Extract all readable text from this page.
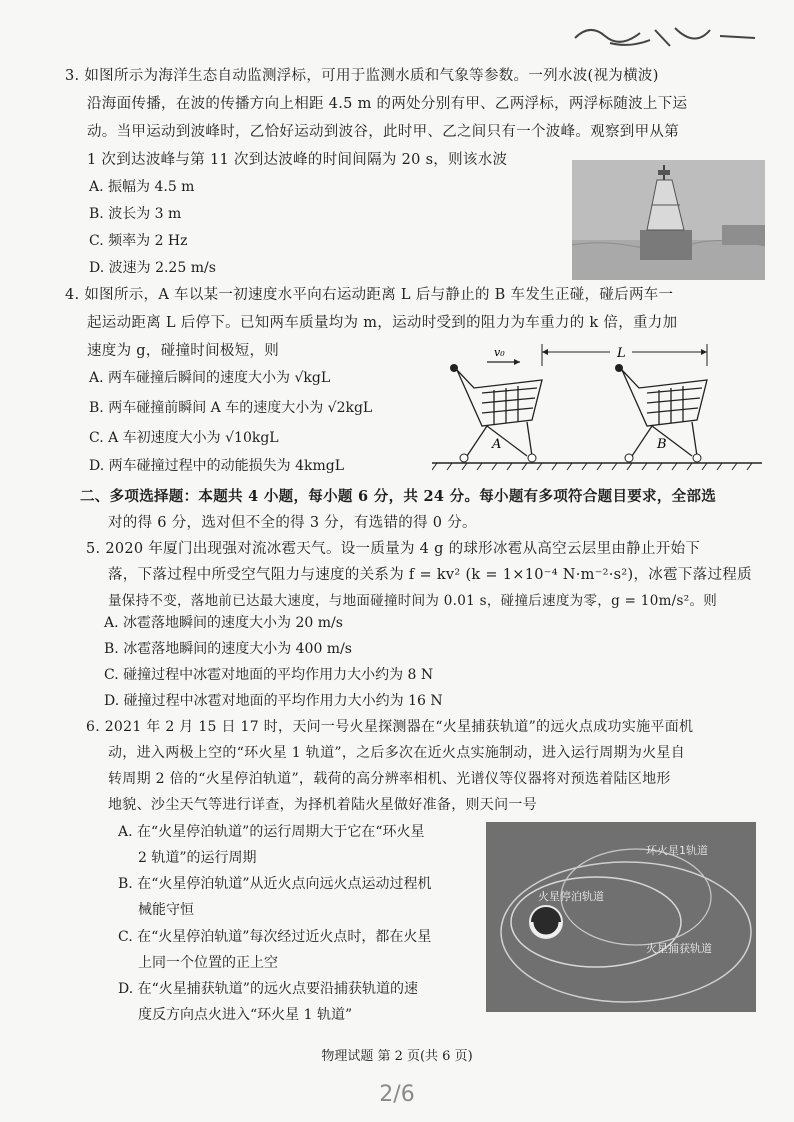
3. 如图所示为海洋生态自动监测浮标，可用于监测水质和气象等参数。一列水波(视为横波)
沿海面传播，在波的传播方向上相距 4.5 m 的两处分别有甲、乙两浮标，两浮标随波上下运
动。当甲运动到波峰时，乙恰好运动到波谷，此时甲、乙之间只有一个波峰。观察到甲从第
1 次到达波峰与第 11 次到达波峰的时间间隔为 20 s，则该水波
A. 振幅为 4.5 m
B. 波长为 3 m
C. 频率为 2 Hz
D. 波速为 2.25 m/s
4. 如图所示，A 车以某一初速度水平向右运动距离 L 后与静止的 B 车发生正碰，碰后两车一
起运动距离 L 后停下。已知两车质量均为 m，运动时受到的阻力为车重力的 k 倍，重力加
速度为 g，碰撞时间极短，则
A. 两车碰撞后瞬间的速度大小为 √kgL
B. 两车碰撞前瞬间 A 车的速度大小为 √2kgL
C. A 车初速度大小为 √10kgL
D. 两车碰撞过程中的动能损失为 4kmgL
v₀	L
A	B
二、多项选择题：本题共 4 小题，每小题 6 分，共 24 分。每小题有多项符合题目要求，全部选
对的得 6 分，选对但不全的得 3 分，有选错的得 0 分。
5. 2020 年厦门出现强对流冰雹天气。设一质量为 4 g 的球形冰雹从高空云层里由静止开始下
落，下落过程中所受空气阻力与速度的关系为 f = kv² (k = 1×10⁻⁴ N·m⁻²·s²)，冰雹下落过程质
量保持不变，落地前已达最大速度，与地面碰撞时间为 0.01 s，碰撞后速度为零，g = 10m/s²。则
A. 冰雹落地瞬间的速度大小为 20 m/s
B. 冰雹落地瞬间的速度大小为 400 m/s
C. 碰撞过程中冰雹对地面的平均作用力大小约为 8 N
D. 碰撞过程中冰雹对地面的平均作用力大小约为 16 N
6. 2021 年 2 月 15 日 17 时，天问一号火星探测器在“火星捕获轨道”的远火点成功实施平面机
动，进入两极上空的“环火星 1 轨道”，之后多次在近火点实施制动，进入运行周期为火星自
转周期 2 倍的“火星停泊轨道”，载荷的高分辨率相机、光谱仪等仪器将对预选着陆区地形
地貌、沙尘天气等进行详查，为择机着陆火星做好准备，则天问一号
A. 在“火星停泊轨道”的运行周期大于它在“环火星
2 轨道”的运行周期
B. 在“火星停泊轨道”从近火点向远火点运动过程机
械能守恒
C. 在“火星停泊轨道”每次经过近火点时，都在火星
上同一个位置的正上空
D. 在“火星捕获轨道”的远火点要沿捕获轨道的速
度反方向点火进入“环火星 1 轨道”
环火星1轨道
火星停泊轨道
火星捕获轨道
物理试题 第 2 页(共 6 页)
2/6
